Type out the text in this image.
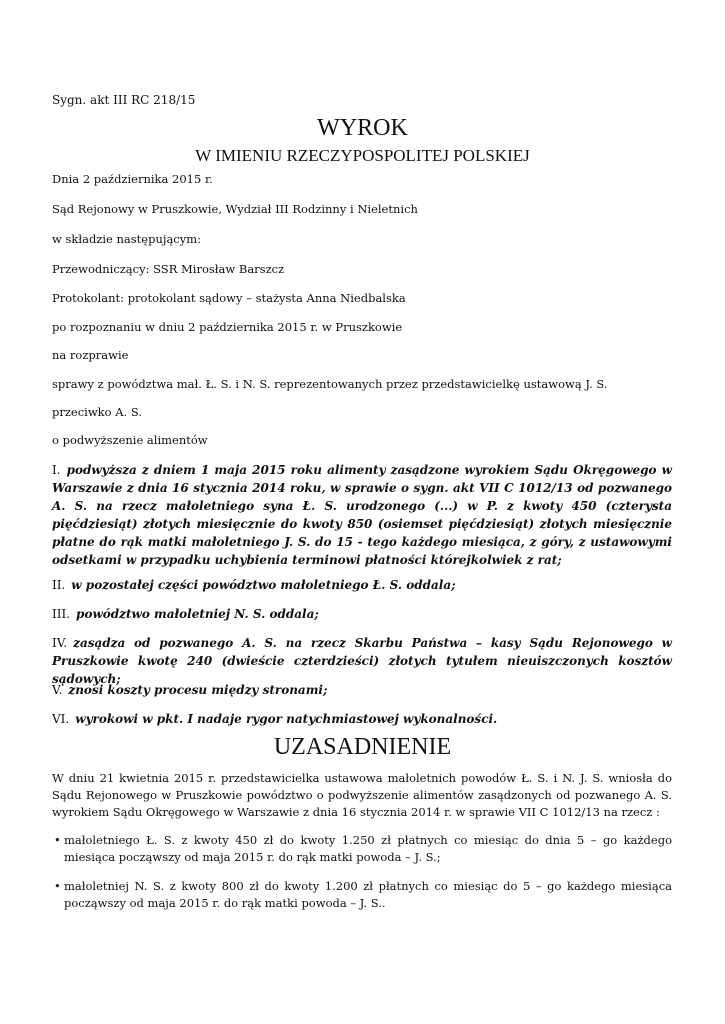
Sygn. akt III RC 218/15
WYROK
W IMIENIU RZECZYPOSPOLITEJ POLSKIEJ
Dnia 2 października 2015 r.
Sąd Rejonowy w Pruszkowie, Wydział III Rodzinny i Nieletnich
w składzie następującym:
Przewodniczący: SSR Mirosław Barszcz
Protokolant: protokolant sądowy – stażysta Anna Niedbalska
po rozpoznaniu w dniu 2 października 2015 r. w Pruszkowie
na rozprawie
sprawy z powództwa mał. Ł. S. i N. S. reprezentowanych przez przedstawicielkę ustawową J. S.
przeciwko A. S.
o podwyższenie alimentów
I. podwyższa z dniem 1 maja 2015 roku alimenty zasądzone wyrokiem Sądu Okręgowego w Warszawie z dnia 16 stycznia 2014 roku, w sprawie o sygn. akt VII C 1012/13 od pozwanego A. S. na rzecz małoletniego syna Ł. S. urodzonego (...) w P. z kwoty 450 (czterysta pięćdziesiąt) złotych miesięcznie do kwoty 850 (osiemset pięćdziesiąt) złotych miesięcznie płatne do rąk matki małoletniego J. S. do 15 - tego każdego miesiąca, z góry, z ustawowymi odsetkami w przypadku uchybienia terminowi płatności którejkolwiek z rat;
II. w pozostałej części powództwo małoletniego Ł. S. oddala;
III. powództwo małoletniej N. S. oddala;
IV. zasądza od pozwanego A. S. na rzecz Skarbu Państwa – kasy Sądu Rejonowego w Pruszkowie kwotę 240 (dwieście czterdzieści) złotych tytułem nieuiszczonych kosztów sądowych;
V. znosi koszty procesu między stronami;
VI. wyrokowi w pkt. I nadaje rygor natychmiastowej wykonalności.
UZASADNIENIE
W dniu 21 kwietnia 2015 r. przedstawicielka ustawowa małoletnich powodów Ł. S. i N. J. S. wniosła do Sądu Rejonowego w Pruszkowie powództwo o podwyższenie alimentów zasądzonych od pozwanego A. S. wyrokiem Sądu Okręgowego w Warszawie z dnia 16 stycznia 2014 r. w sprawie VII C 1012/13 na rzecz :
• małoletniego Ł. S. z kwoty 450 zł do kwoty 1.250 zł płatnych co miesiąc do dnia 5 – go każdego miesiąca począwszy od maja 2015 r. do rąk matki powoda – J. S.;
• małoletniej N. S. z kwoty 800 zł do kwoty 1.200 zł płatnych co miesiąc do 5 – go każdego miesiąca począwszy od maja 2015 r. do rąk matki powoda – J. S..
